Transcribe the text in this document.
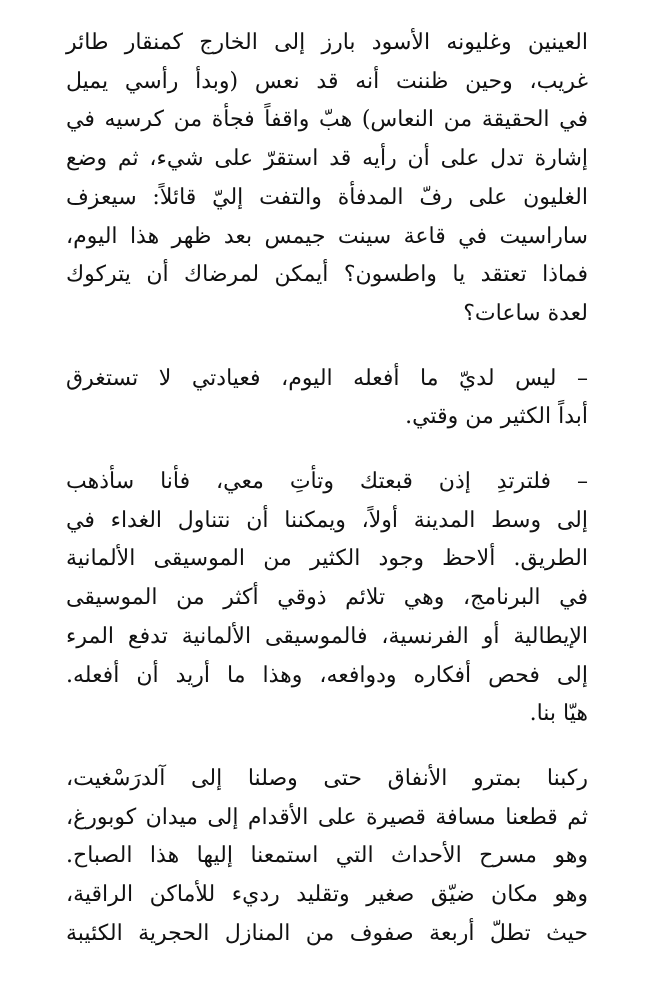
العينين وغليونه الأسود بارز إلى الخارج كمنقار طائر
غريب، وحين ظننت أنه قد نعس (وبدأ رأسي يميل
في الحقيقة من النعاس) هبّ واقفاً فجأة من كرسيه في
إشارة تدل على أن رأيه قد استقرّ على شيء، ثم وضع
الغليون على رفّ المدفأة والتفت إليّ قائلاً: سيعزف
ساراسيت في قاعة سينت جيمس بعد ظهر هذا اليوم،
فماذا تعتقد يا واطسون؟ أيمكن لمرضاك أن يتركوك
لعدة ساعات؟

– ليس لديّ ما أفعله اليوم، فعيادتي لا تستغرق
أبداً الكثير من وقتي.

– فلترتدِ إذن قبعتك وتأتِ معي، فأنا سأذهب
إلى وسط المدينة أولاً، ويمكننا أن نتناول الغداء في
الطريق. ألاحظ وجود الكثير من الموسيقى الألمانية
في البرنامج، وهي تلائم ذوقي أكثر من الموسيقى
الإيطالية أو الفرنسية، فالموسيقى الألمانية تدفع المرء
إلى فحص أفكاره ودوافعه، وهذا ما أريد أن أفعله.
هيّا بنا.

ركبنا بمترو الأنفاق حتى وصلنا إلى آلدرَسْغيت،
ثم قطعنا مسافة قصيرة على الأقدام إلى ميدان كوبورغ،
وهو مسرح الأحداث التي استمعنا إليها هذا الصباح.
وهو مكان ضيّق صغير وتقليد رديء للأماكن الراقية،
حيث تطلّ أربعة صفوف من المنازل الحجرية الكئيبة
